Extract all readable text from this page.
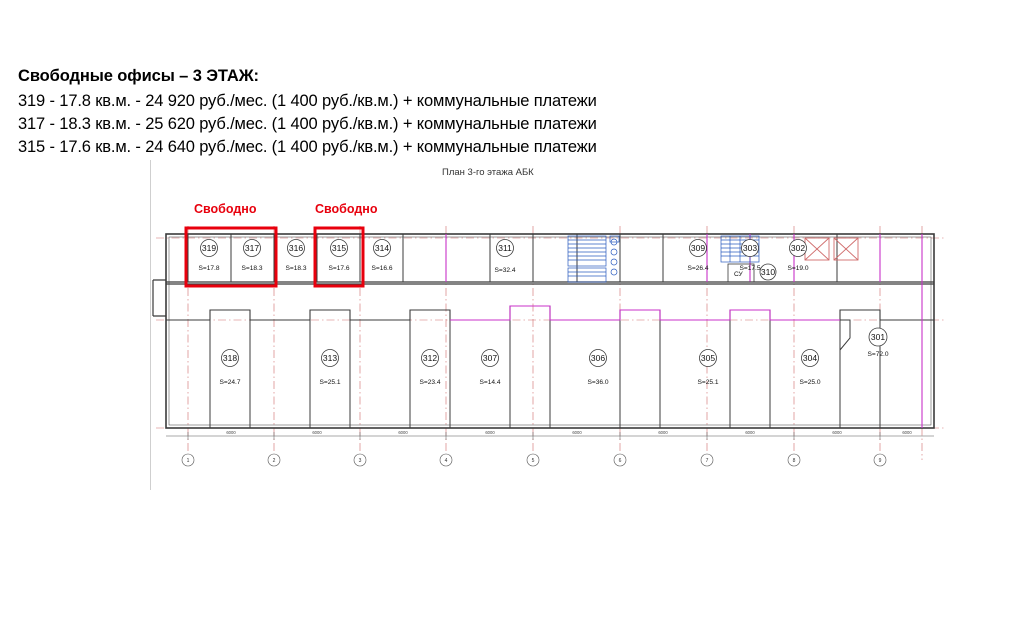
Свободные офисы – 3 ЭТАЖ:
319 - 17.8 кв.м. - 24 920 руб./мес. (1 400 руб./кв.м.) + коммунальные платежи
317 - 18.3 кв.м. - 25 620 руб./мес. (1 400 руб./кв.м.) + коммунальные платежи
315 - 17.6 кв.м. - 24 640 руб./мес. (1 400 руб./кв.м.) + коммунальные платежи
План 3-го этажа АБК
Свободно	Свободно
СУ
319
S=17.8
317
S=18.3
316
S=18.3
315
S=17.6
314
S=16.6
311
S=32.4	310
309
S=26.4
303
S=17.5
302
S=19.0
318
S=24.7
313
S=25.1
312
S=23.4
307
S=14.4
306
S=36.0
305
S=25.1
304
S=25.0
301
S=72.0
6000	6000	6000	6000	6000	6000	6000	6000	6000
1	2	3	4	5	6	7	8	9
